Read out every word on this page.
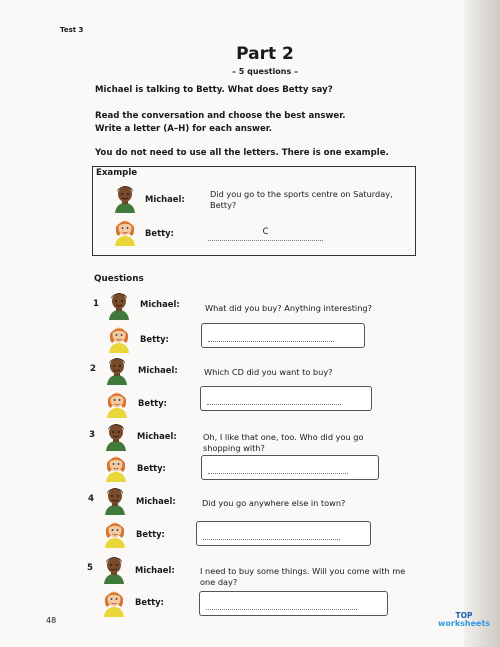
Test 3
Part 2
– 5 questions –
Michael is talking to Betty. What does Betty say?
Read the conversation and choose the best answer.
Write a letter (A–H) for each answer.
You do not need to use all the letters. There is one example.
Example
Michael:	Did you go to the sports centre on Saturday, Betty?
Betty:	C
Questions
1	Michael:	What did you buy? Anything interesting?
Betty:
2	Michael:	Which CD did you want to buy?
Betty:
3	Michael:	Oh, I like that one, too. Who did you go shopping with?
Betty:
4	Michael:	Did you go anywhere else in town?
Betty:
5	Michael:	I need to buy some things. Will you come with me one day?
Betty:
48
TOP
worksheets
